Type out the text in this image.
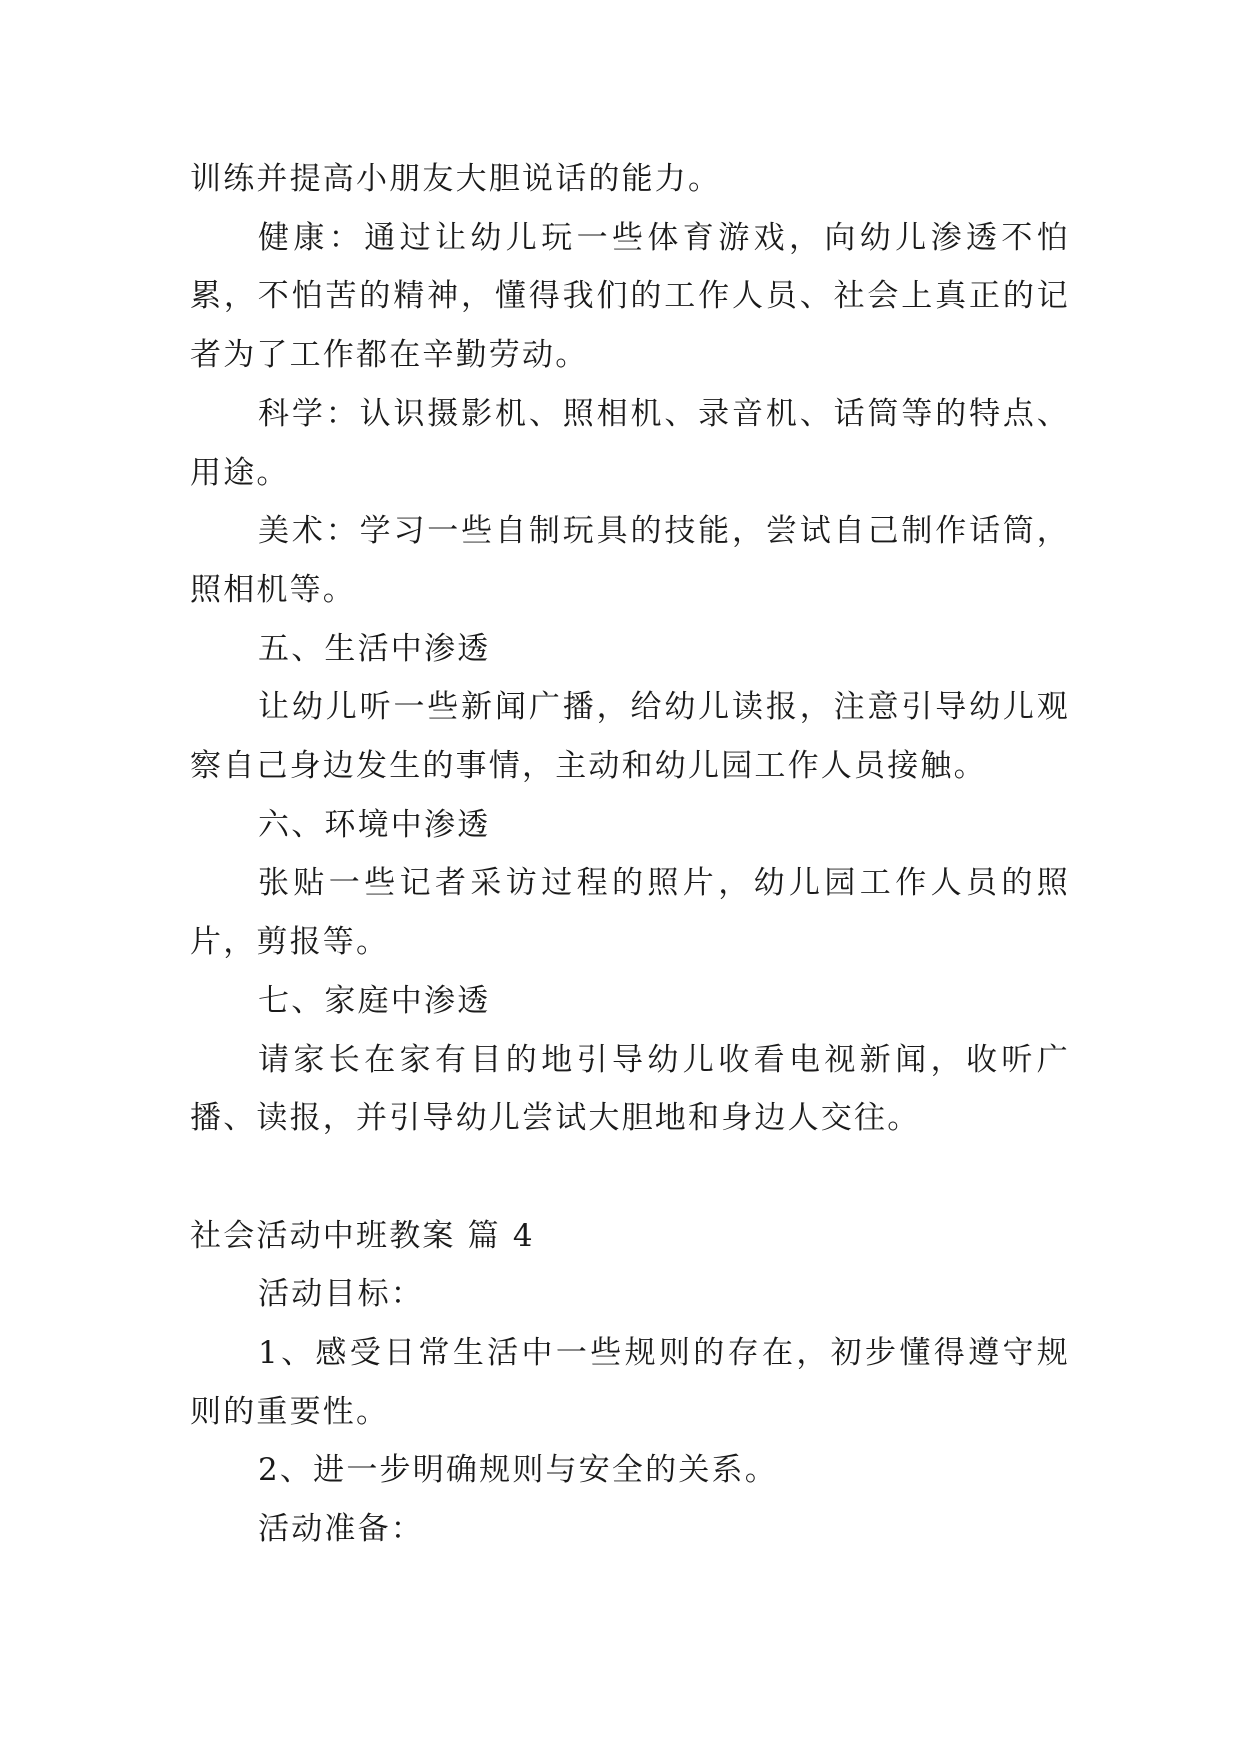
训练并提高小朋友大胆说话的能力。

健康：通过让幼儿玩一些体育游戏，向幼儿渗透不怕累，不怕苦的精神，懂得我们的工作人员、社会上真正的记者为了工作都在辛勤劳动。

科学：认识摄影机、照相机、录音机、话筒等的特点、用途。

美术：学习一些自制玩具的技能，尝试自己制作话筒，照相机等。

五、生活中渗透

让幼儿听一些新闻广播，给幼儿读报，注意引导幼儿观察自己身边发生的事情，主动和幼儿园工作人员接触。

六、环境中渗透

张贴一些记者采访过程的照片，幼儿园工作人员的照片，剪报等。

七、家庭中渗透

请家长在家有目的地引导幼儿收看电视新闻，收听广播、读报，并引导幼儿尝试大胆地和身边人交往。

社会活动中班教案 篇 4

活动目标：

1、感受日常生活中一些规则的存在，初步懂得遵守规则的重要性。

2、进一步明确规则与安全的关系。

活动准备：
